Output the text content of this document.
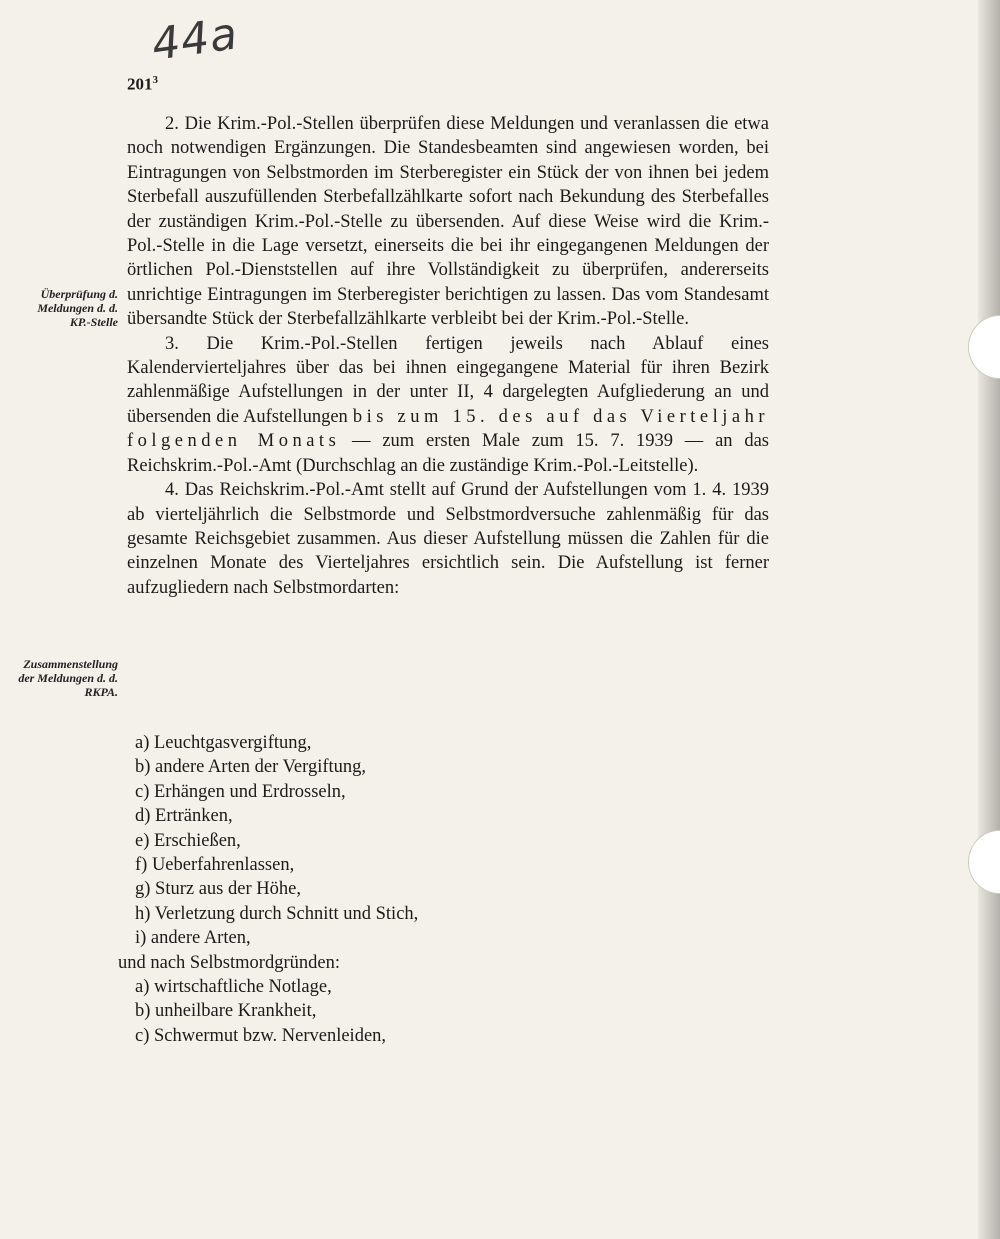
44a
$201^3$
Überprüfung d. Meldungen d. d. KP.-Stelle
Zusammenstellung der Meldungen d. d. RKPA.

2. Die Krim.-Pol.-Stellen überprüfen diese Meldungen und veranlassen die etwa noch notwendigen Ergänzungen. Die Standesbeamten sind angewiesen worden, bei Eintragungen von Selbstmorden im Sterberegister ein Stück der von ihnen bei jedem Sterbefall auszufüllenden Sterbefallzählkarte sofort nach Bekundung des Sterbefalles der zuständigen Krim.-Pol.-Stelle zu übersenden. Auf diese Weise wird die Krim.-Pol.-Stelle in die Lage versetzt, einerseits die bei ihr eingegangenen Meldungen der örtlichen Pol.-Dienststellen auf ihre Vollständigkeit zu überprüfen, andererseits unrichtige Eintragungen im Sterberegister berichtigen zu lassen. Das vom Standesamt übersandte Stück der Sterbefallzählkarte verbleibt bei der Krim.-Pol.-Stelle.

3. Die Krim.-Pol.-Stellen fertigen jeweils nach Ablauf eines Kalendervierteljahres über das bei ihnen eingegangene Material für ihren Bezirk zahlenmäßige Aufstellungen in der unter II, 4 dargelegten Aufgliederung an und übersenden die Aufstellungen bis zum 15. des auf das Vierteljahr folgenden Monats — zum ersten Male zum 15. 7. 1939 — an das Reichskrim.-Pol.-Amt (Durchschlag an die zuständige Krim.-Pol.-Leitstelle).

4. Das Reichskrim.-Pol.-Amt stellt auf Grund der Aufstellungen vom 1. 4. 1939 ab vierteljährlich die Selbstmorde und Selbstmordversuche zahlenmäßig für das gesamte Reichsgebiet zusammen. Aus dieser Aufstellung müssen die Zahlen für die einzelnen Monate des Vierteljahres ersichtlich sein. Die Aufstellung ist ferner aufzugliedern nach Selbstmordarten:

a) Leuchtgasvergiftung,
b) andere Arten der Vergiftung,
c) Erhängen und Erdrosseln,
d) Ertränken,
e) Erschießen,
f) Ueberfahrenlassen,
g) Sturz aus der Höhe,
h) Verletzung durch Schnitt und Stich,
i) andere Arten,
und nach Selbstmordgründen:
a) wirtschaftliche Notlage,
b) unheilbare Krankheit,
c) Schwermut bzw. Nervenleiden,
